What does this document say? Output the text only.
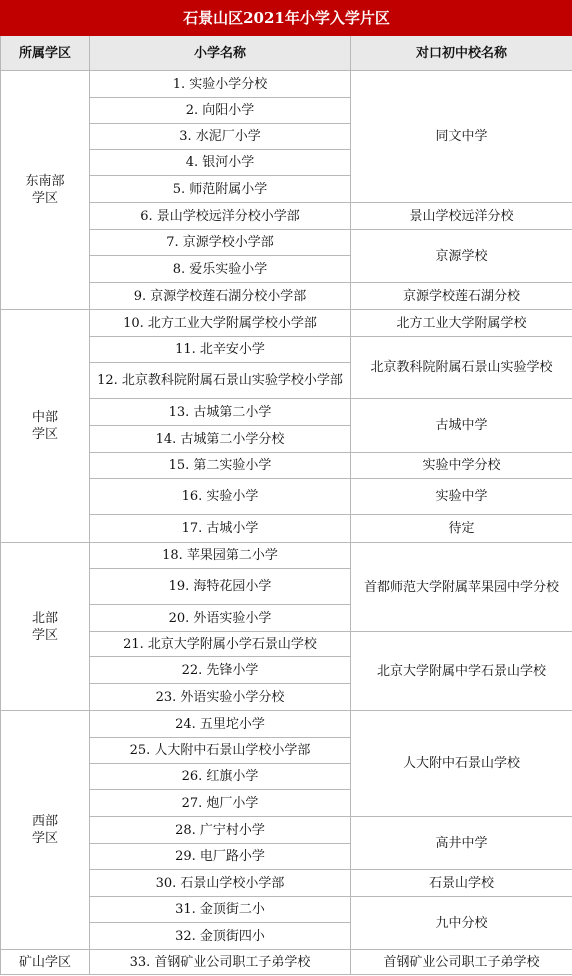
石景山区2021年小学入学片区		
所属学区	小学名称	对口初中校名称
东南部
学区	1. 实验小学分校	同文中学
	2. 向阳小学	
	3. 水泥厂小学	
	4. 银河小学	
	5. 师范附属小学	
	6. 景山学校远洋分校小学部	景山学校远洋分校
	7. 京源学校小学部	京源学校
	8. 爱乐实验小学	
	9. 京源学校莲石湖分校小学部	京源学校莲石湖分校
中部
学区	10. 北方工业大学附属学校小学部	北方工业大学附属学校
	11. 北辛安小学	北京教科院附属石景山实验学校
	12. 北京教科院附属石景山实验学校小学部	
	13. 古城第二小学	古城中学
	14. 古城第二小学分校	
	15. 第二实验小学	实验中学分校
	16. 实验小学	实验中学
	17. 古城小学	待定
北部
学区	18. 苹果园第二小学	首都师范大学附属苹果园中学分校
	19. 海特花园小学	
	20. 外语实验小学	
	21. 北京大学附属小学石景山学校	北京大学附属中学石景山学校
	22. 先锋小学	
	23. 外语实验小学分校	
西部
学区	24. 五里坨小学	人大附中石景山学校
	25. 人大附中石景山学校小学部	
	26. 红旗小学	
	27. 炮厂小学	
	28. 广宁村小学	高井中学
	29. 电厂路小学	
	30. 石景山学校小学部	石景山学校
	31. 金顶街二小	九中分校
	32. 金顶街四小	
矿山学区	33. 首钢矿业公司职工子弟学校	首钢矿业公司职工子弟学校
